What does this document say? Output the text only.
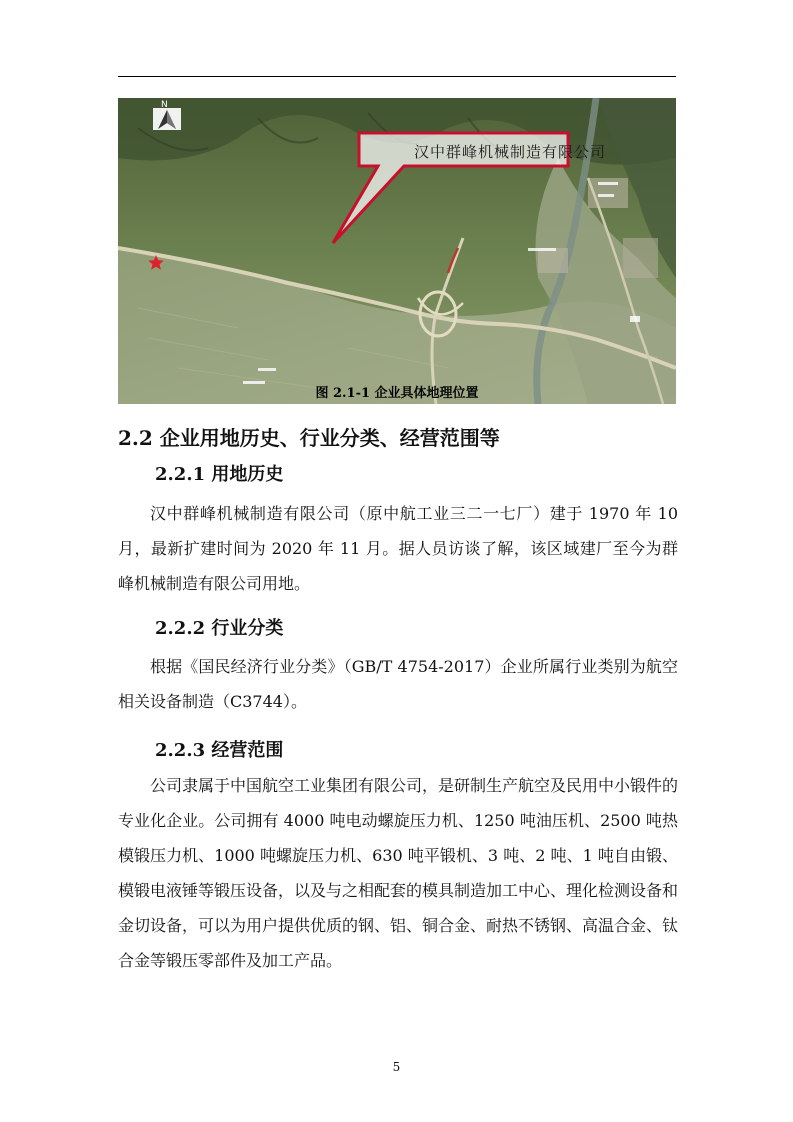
N
汉中群峰机械制造有限公司
图 2.1-1 企业具体地理位置
2.2 企业用地历史、行业分类、经营范围等
2.2.1 用地历史

汉中群峰机械制造有限公司（原中航工业三二一七厂）建于 1970 年 10 月，最新扩建时间为 2020 年 11 月。据人员访谈了解，该区域建厂至今为群峰机械制造有限公司用地。

2.2.2 行业分类

根据《国民经济行业分类》（GB/T 4754-2017）企业所属行业类别为航空相关设备制造（C3744）。

2.2.3 经营范围

公司隶属于中国航空工业集团有限公司，是研制生产航空及民用中小锻件的专业化企业。公司拥有 4000 吨电动螺旋压力机、1250 吨油压机、2500 吨热模锻压力机、1000 吨螺旋压力机、630 吨平锻机、3 吨、2 吨、1 吨自由锻、模锻电液锤等锻压设备，以及与之相配套的模具制造加工中心、理化检测设备和金切设备，可以为用户提供优质的钢、铝、铜合金、耐热不锈钢、高温合金、钛合金等锻压零部件及加工产品。

5
